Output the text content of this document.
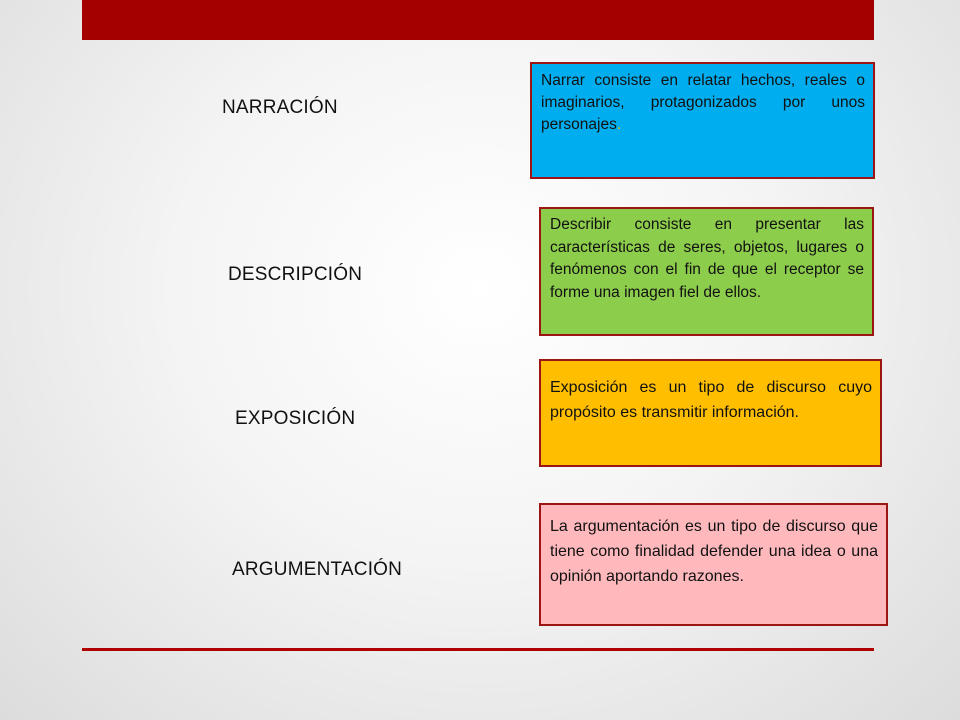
NARRACIÓN

Narrar consiste en relatar hechos, reales o imaginarios, protagonizados por unos personajes.

DESCRIPCIÓN

Describir consiste en presentar las características de seres, objetos, lugares o fenómenos con el fin de que el receptor se forme una imagen fiel de ellos.

EXPOSICIÓN

Exposición es un tipo de discurso cuyo propósito es transmitir información.

ARGUMENTACIÓN

La argumentación es un tipo de discurso que tiene como finalidad defender una idea o una opinión aportando razones.
